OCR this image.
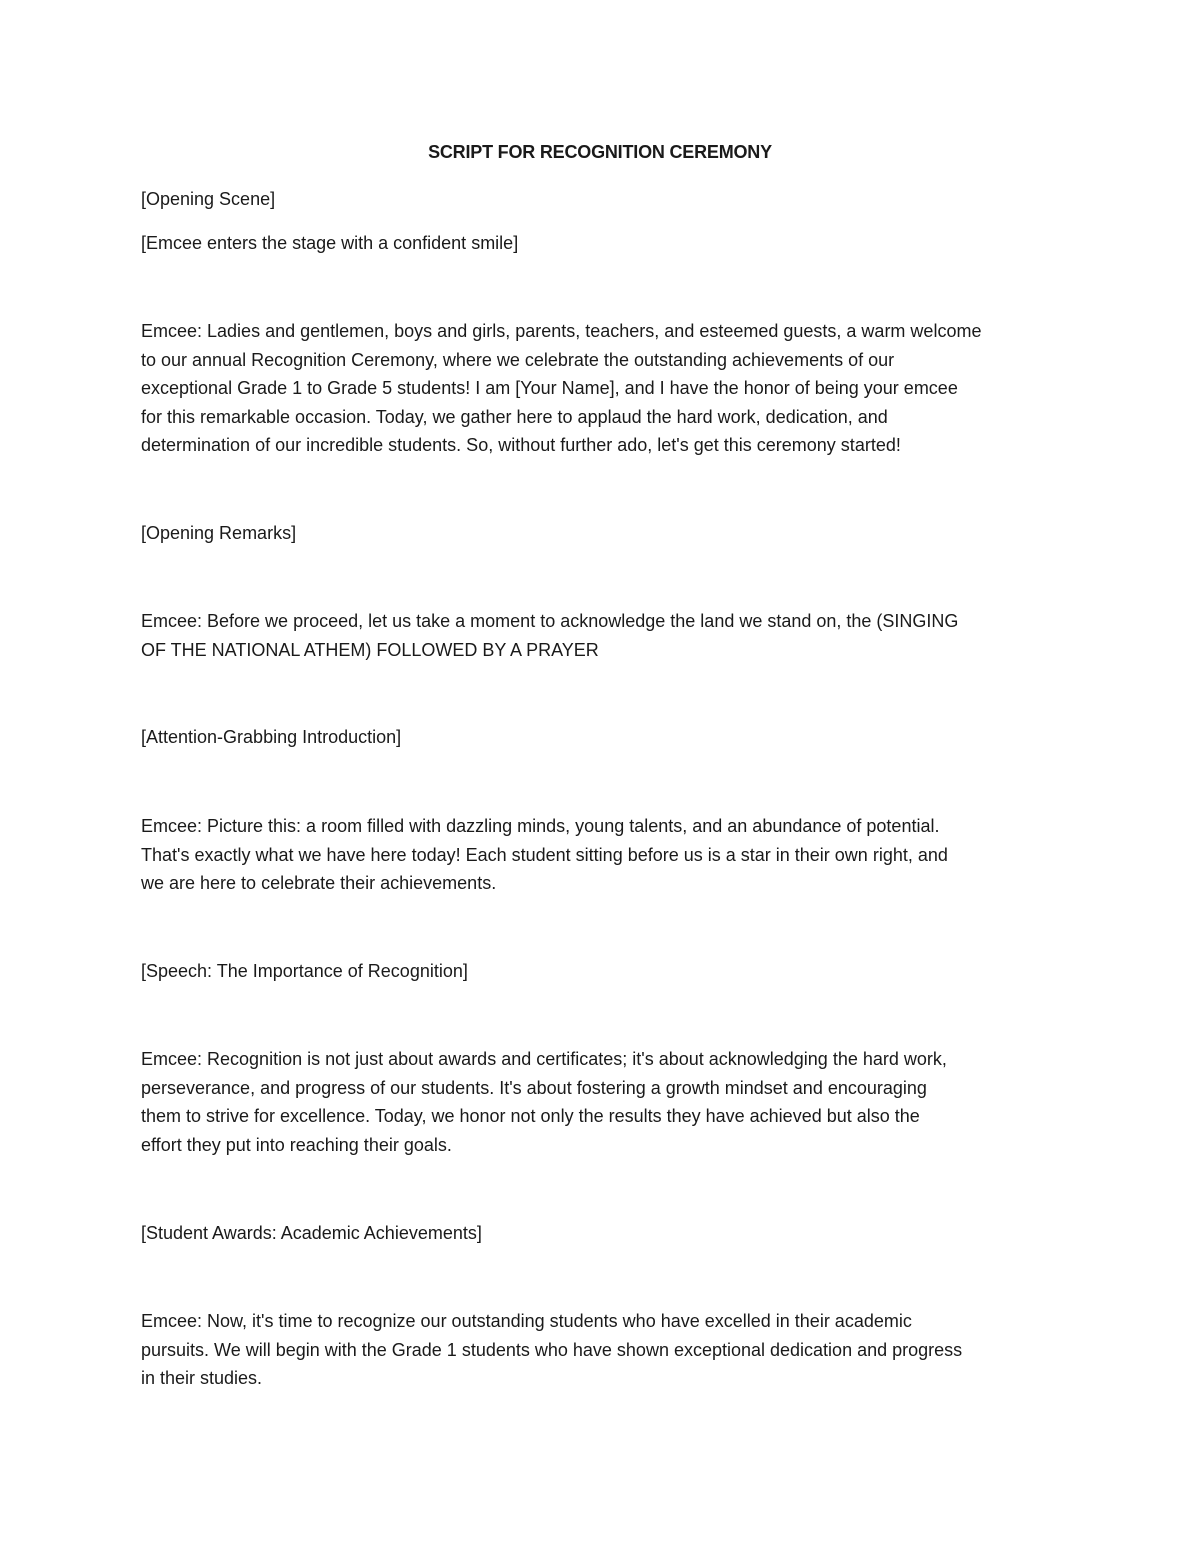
SCRIPT FOR RECOGNITION CEREMONY
[Opening Scene]
[Emcee enters the stage with a confident smile]
Emcee: Ladies and gentlemen, boys and girls, parents, teachers, and esteemed guests, a warm welcome
to our annual Recognition Ceremony, where we celebrate the outstanding achievements of our
exceptional Grade 1 to Grade 5 students! I am [Your Name], and I have the honor of being your emcee
for this remarkable occasion. Today, we gather here to applaud the hard work, dedication, and
determination of our incredible students. So, without further ado, let's get this ceremony started!
[Opening Remarks]
Emcee: Before we proceed, let us take a moment to acknowledge the land we stand on, the (SINGING
OF THE NATIONAL ATHEM) FOLLOWED BY A PRAYER
[Attention-Grabbing Introduction]
Emcee: Picture this: a room filled with dazzling minds, young talents, and an abundance of potential.
That's exactly what we have here today! Each student sitting before us is a star in their own right, and
we are here to celebrate their achievements.
[Speech: The Importance of Recognition]
Emcee: Recognition is not just about awards and certificates; it's about acknowledging the hard work,
perseverance, and progress of our students. It's about fostering a growth mindset and encouraging
them to strive for excellence. Today, we honor not only the results they have achieved but also the
effort they put into reaching their goals.
[Student Awards: Academic Achievements]
Emcee: Now, it's time to recognize our outstanding students who have excelled in their academic
pursuits. We will begin with the Grade 1 students who have shown exceptional dedication and progress
in their studies.
